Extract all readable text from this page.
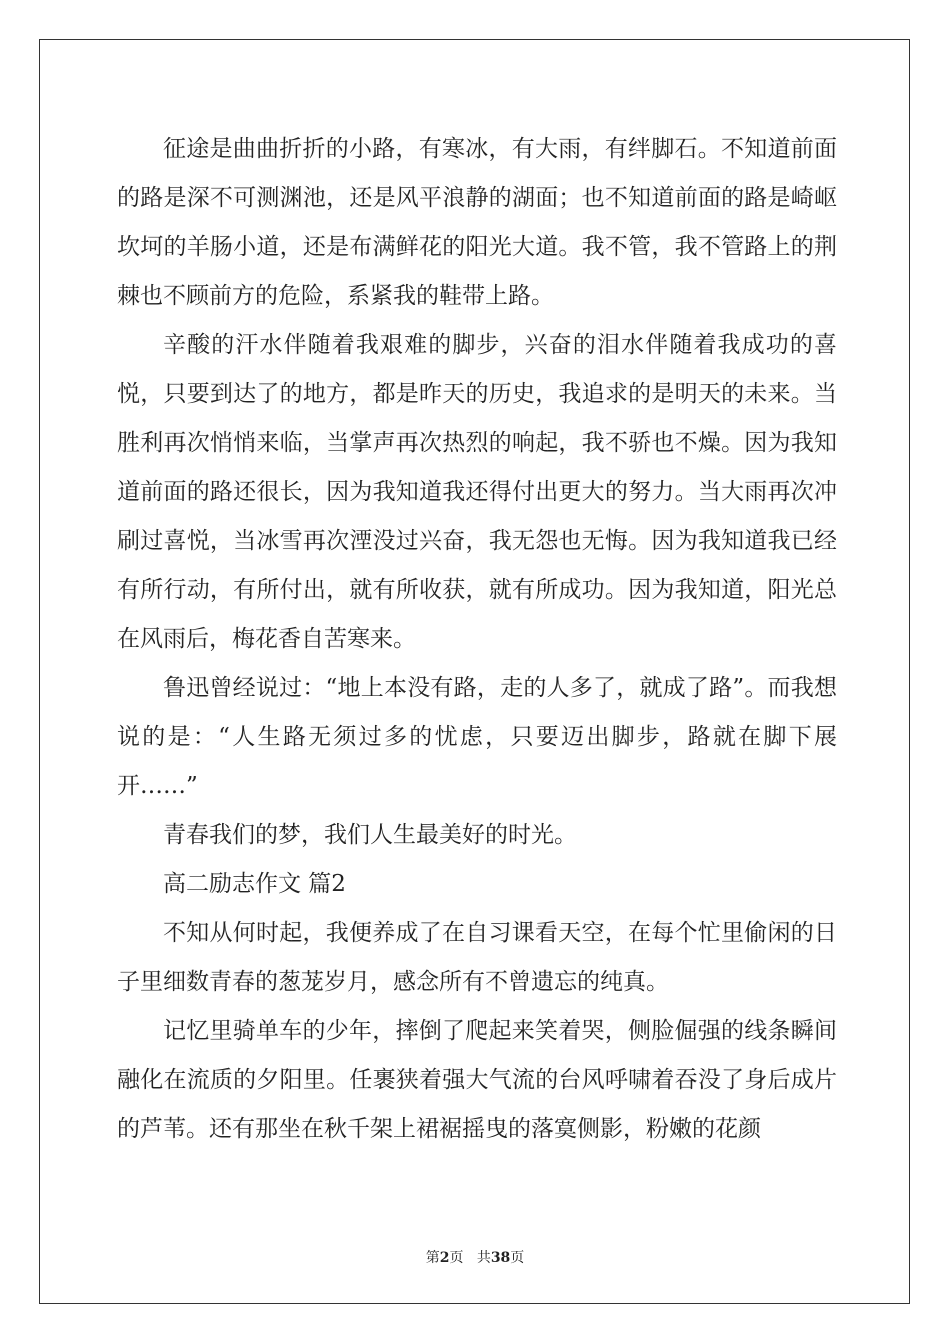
征途是曲曲折折的小路，有寒冰，有大雨，有绊脚石。不知道前面的路是深不可测渊池，还是风平浪静的湖面；也不知道前面的路是崎岖坎坷的羊肠小道，还是布满鲜花的阳光大道。我不管，我不管路上的荆棘也不顾前方的危险，系紧我的鞋带上路。

辛酸的汗水伴随着我艰难的脚步，兴奋的泪水伴随着我成功的喜悦，只要到达了的地方，都是昨天的历史，我追求的是明天的未来。当胜利再次悄悄来临，当掌声再次热烈的响起，我不骄也不燥。因为我知道前面的路还很长，因为我知道我还得付出更大的努力。当大雨再次冲刷过喜悦，当冰雪再次湮没过兴奋，我无怨也无悔。因为我知道我已经有所行动，有所付出，就有所收获，就有所成功。因为我知道，阳光总在风雨后，梅花香自苦寒来。

鲁迅曾经说过：“地上本没有路，走的人多了，就成了路”。而我想说的是：“人生路无须过多的忧虑，只要迈出脚步，路就在脚下展开……”

青春我们的梦，我们人生最美好的时光。

高二励志作文 篇2

不知从何时起，我便养成了在自习课看天空，在每个忙里偷闲的日子里细数青春的葱茏岁月，感念所有不曾遗忘的纯真。

记忆里骑单车的少年，摔倒了爬起来笑着哭，侧脸倔强的线条瞬间融化在流质的夕阳里。任裹狭着强大气流的台风呼啸着吞没了身后成片的芦苇。还有那坐在秋千架上裙裾摇曳的落寞侧影，粉嫩的花颜

第2页 共38页
